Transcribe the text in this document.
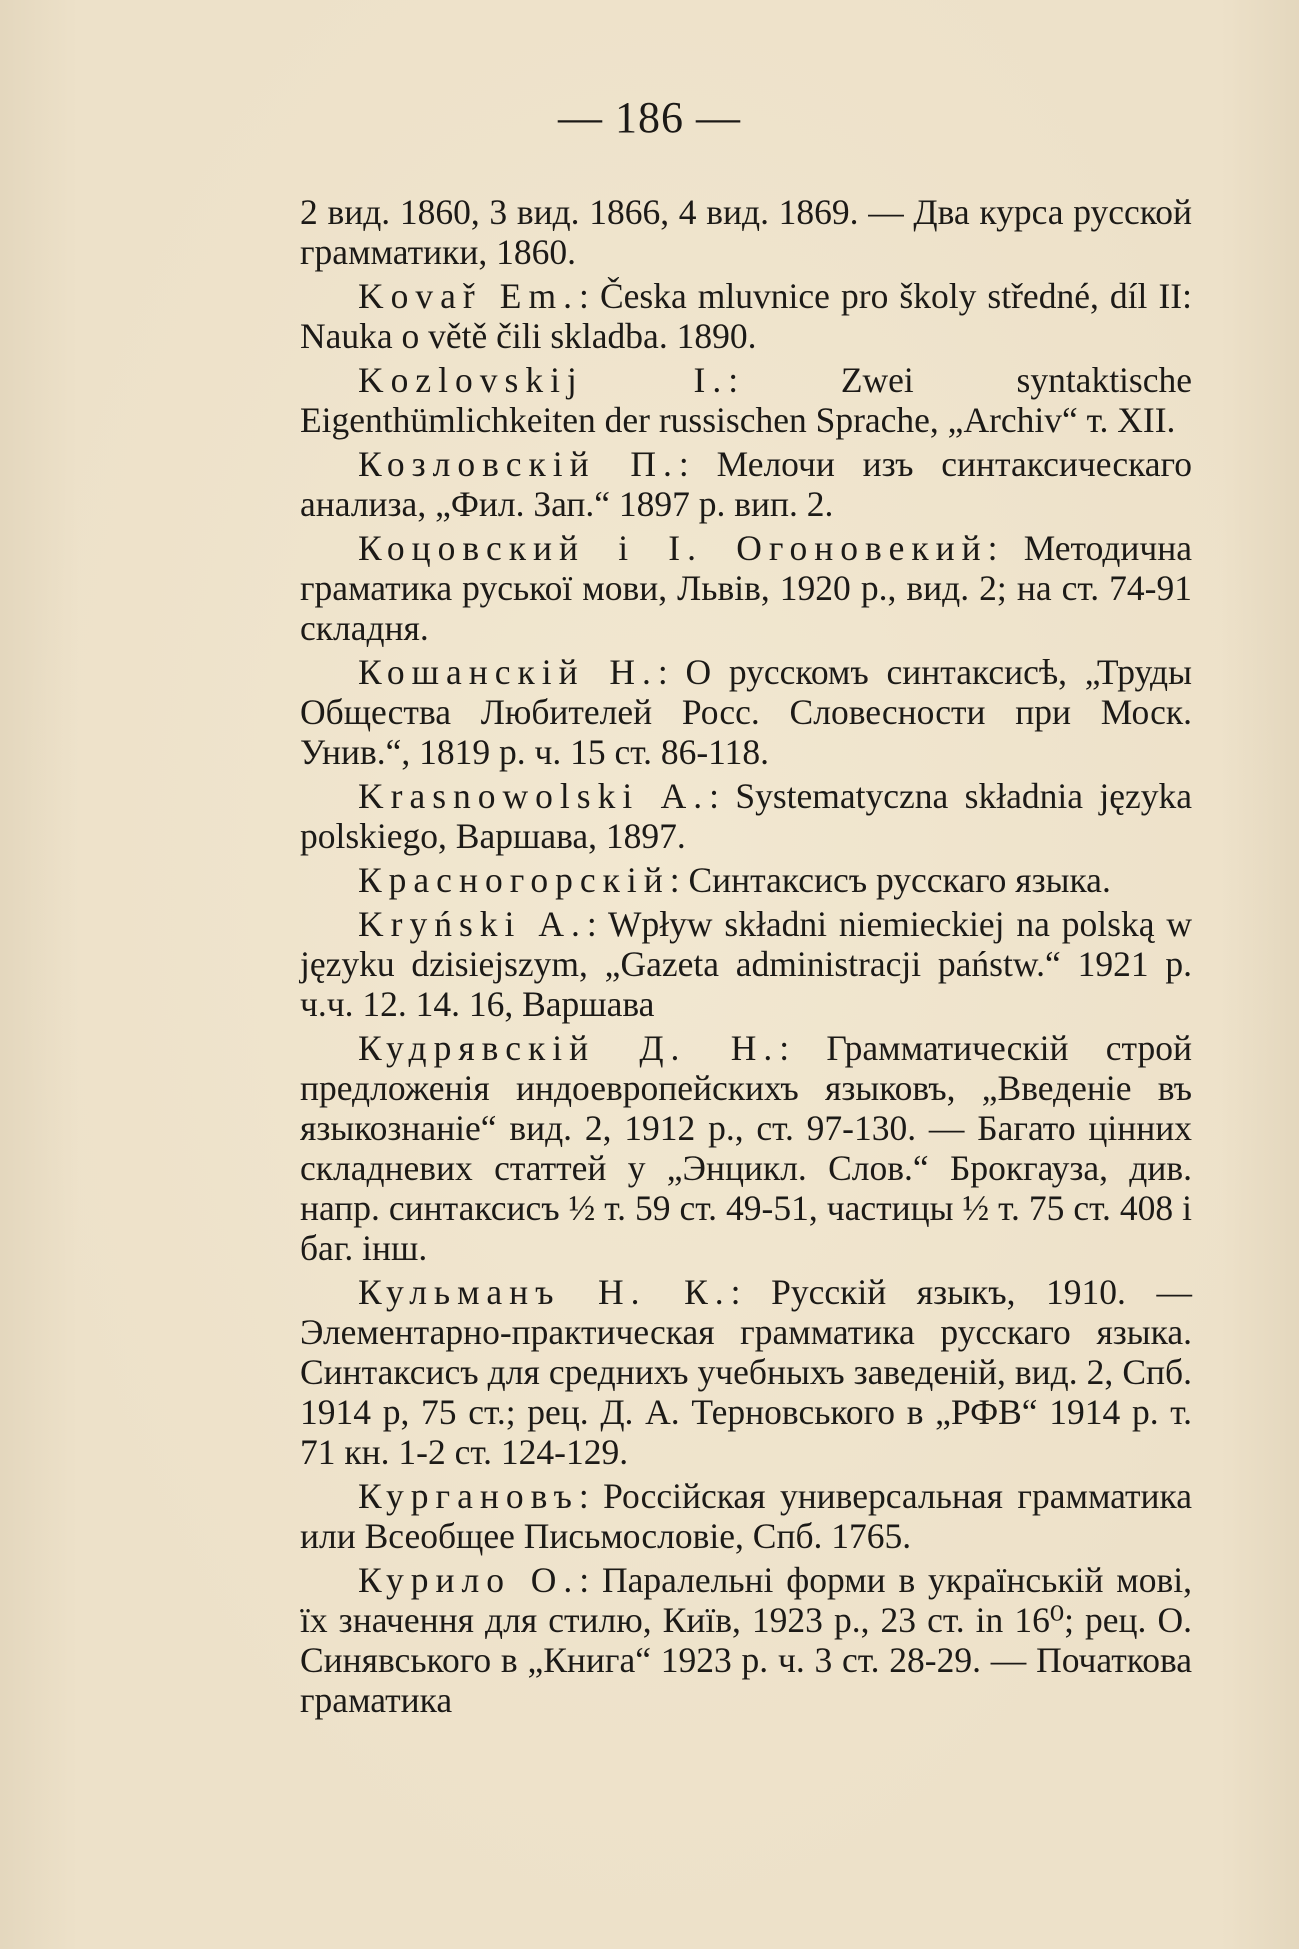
— 186 —

2 вид. 1860, 3 вид. 1866, 4 вид. 1869. — Два курса русской грамматики, 1860.

Kovař Em.: Česka mluvnice pro školy středné, díl II: Nauka o větě čili skladba. 1890.

Kozlovskij I.: Zwei syntaktische Eigenthümlichkeiten der russischen Sprache, „Archiv“ т. XII.

Козловскій П.: Мелочи изъ синтаксическаго анализа, „Фил. Зап.“ 1897 р. вип. 2.

Коцовский і І. Огоновекий: Методична граматика руської мови, Львів, 1920 р., вид. 2; на ст. 74-91 складня.

Кошанскій Н.: О русскомъ синтаксисѣ, „Труды Общества Любителей Росс. Словесности при Моск. Унив.“, 1819 р. ч. 15 ст. 86-118.

Krasnowolski A.: Systematyczna składnia języka polskiego, Варшава, 1897.

Красногорскій: Синтаксисъ русскаго языка.

Kryński A.: Wpływ składni niemieckiej na polską w języku dzisiejszym, „Gazeta administracji państw.“ 1921 р. ч.ч. 12. 14. 16, Варшава

Кудрявскій Д. Н.: Грамматическій строй предложенія индоевропейскихъ языковъ, „Введеніе въ языкознаніе“ вид. 2, 1912 р., ст. 97-130. — Багато цінних складневих статтей у „Энцикл. Слов.“ Брокгауза, див. напр. синтаксисъ ½ т. 59 ст. 49-51, частицы ½ т. 75 ст. 408 і баг. інш.

Кульманъ Н. К.: Русскій языкъ, 1910. — Элементарно-практическая грамматика русскаго языка. Синтаксисъ для среднихъ учебныхъ заведеній, вид. 2, Спб. 1914 р, 75 ст.; рец. Д. А. Терновського в „РФВ“ 1914 р. т. 71 кн. 1-2 ст. 124-129.

Кургановъ: Россійская универсальная грамматика или Всеобщее Письмословіе, Спб. 1765.

Курило О.: Паралельні форми в українській мові, їх значення для стилю, Київ, 1923 р., 23 ст. in 16⁰; рец. О. Синявського в „Книга“ 1923 р. ч. 3 ст. 28-29. — Початкова граматика
